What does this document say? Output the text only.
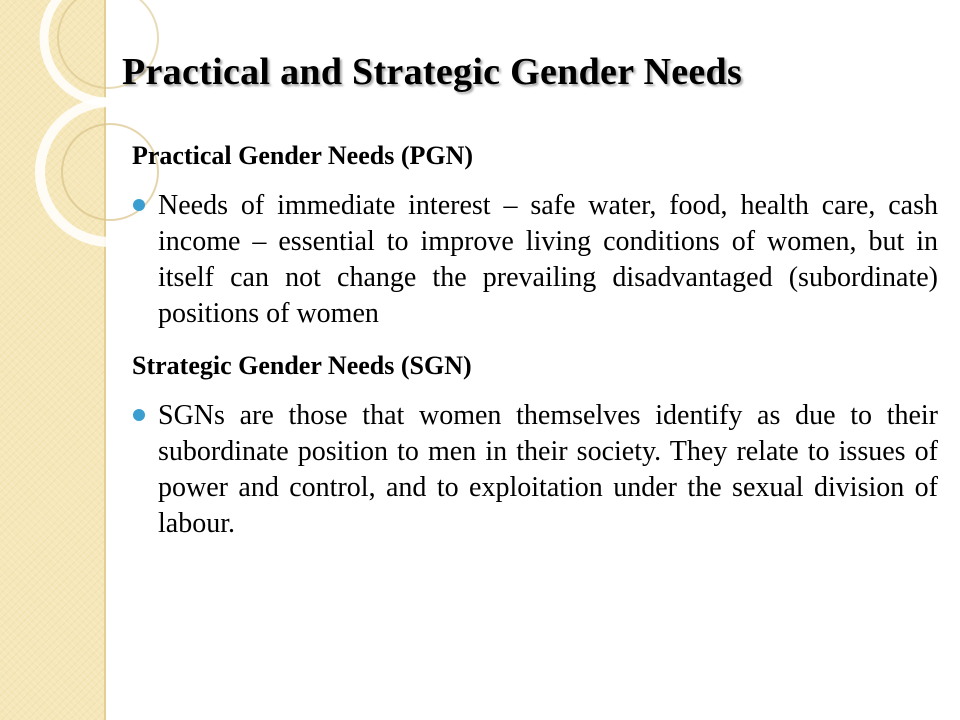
Practical and Strategic Gender Needs

Practical Gender Needs (PGN)

Needs of immediate interest – safe water, food, health care, cash income – essential to improve living conditions of women, but in itself can not change the prevailing disadvantaged (subordinate) positions of women

Strategic Gender Needs (SGN)

SGNs are those that women themselves identify as due to their subordinate position to men in their society. They relate to issues of power and control, and to exploitation under the sexual division of labour.
